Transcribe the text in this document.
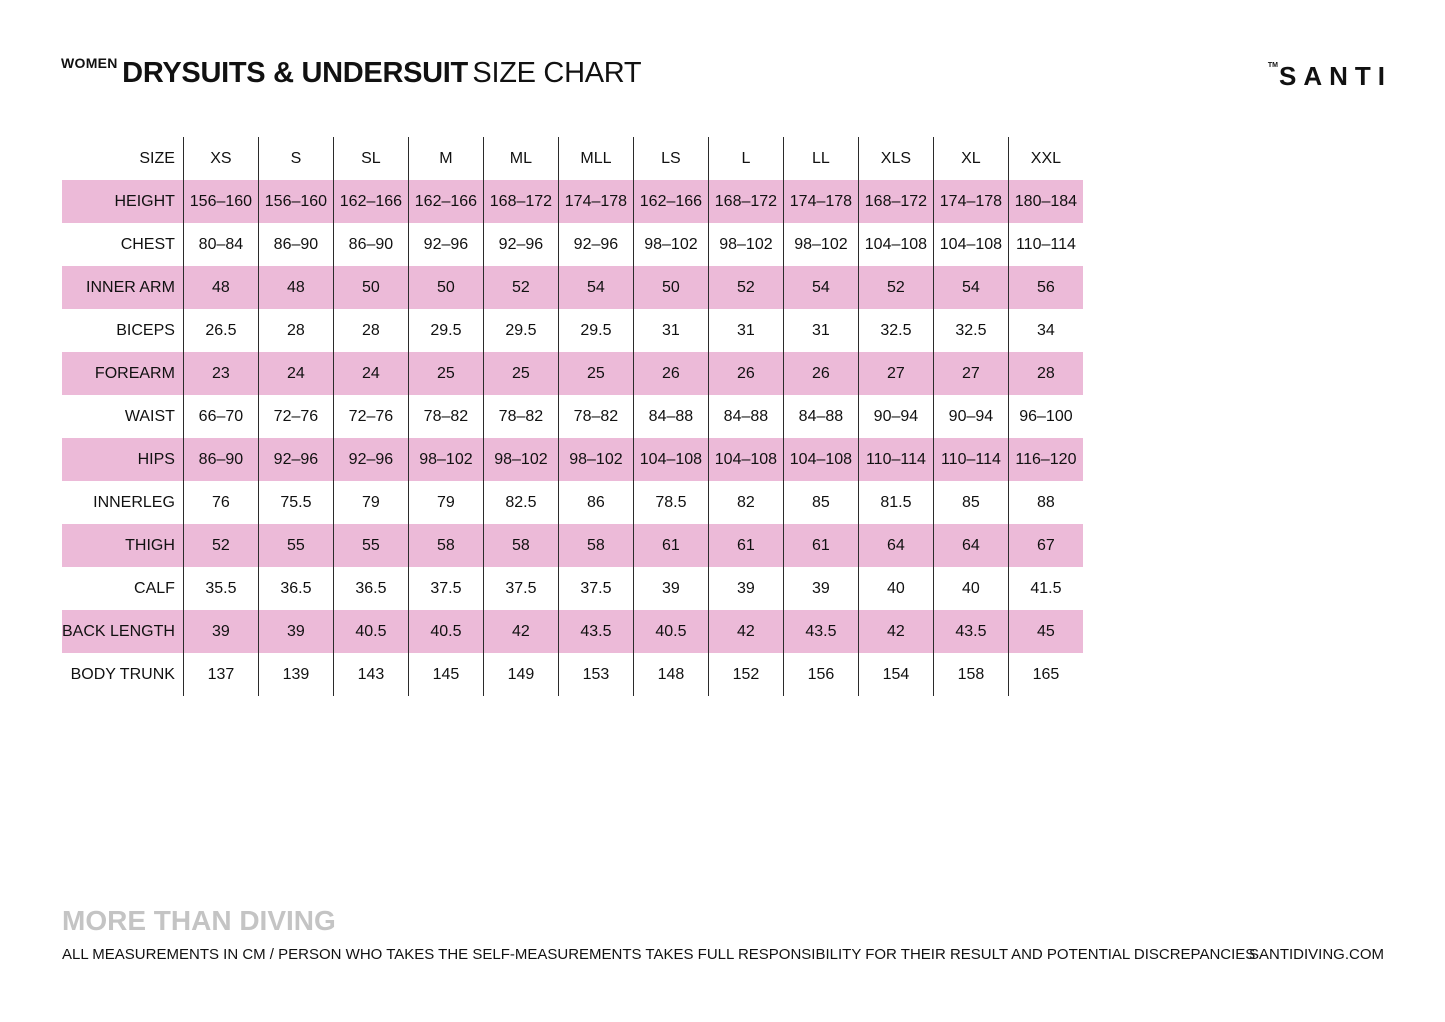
WOMEN DRYSUITS & UNDERSUIT SIZE CHART	™SANTI
SIZE	XS	S	SL	M	ML	MLL	LS	L	LL	XLS	XL	XXL
HEIGHT	156–160	156–160	162–166	162–166	168–172	174–178	162–166	168–172	174–178	168–172	174–178	180–184
CHEST	80–84	86–90	86–90	92–96	92–96	92–96	98–102	98–102	98–102	104–108	104–108	110–114
INNER ARM	48	48	50	50	52	54	50	52	54	52	54	56
BICEPS	26.5	28	28	29.5	29.5	29.5	31	31	31	32.5	32.5	34
FOREARM	23	24	24	25	25	25	26	26	26	27	27	28
WAIST	66–70	72–76	72–76	78–82	78–82	78–82	84–88	84–88	84–88	90–94	90–94	96–100
HIPS	86–90	92–96	92–96	98–102	98–102	98–102	104–108	104–108	104–108	110–114	110–114	116–120
INNERLEG	76	75.5	79	79	82.5	86	78.5	82	85	81.5	85	88
THIGH	52	55	55	58	58	58	61	61	61	64	64	67
CALF	35.5	36.5	36.5	37.5	37.5	37.5	39	39	39	40	40	41.5
BACK LENGTH	39	39	40.5	40.5	42	43.5	40.5	42	43.5	42	43.5	45
BODY TRUNK	137	139	143	145	149	153	148	152	156	154	158	165
MORE THAN DIVING
ALL MEASUREMENTS IN CM / PERSON WHO TAKES THE SELF-MEASUREMENTS TAKES FULL RESPONSIBILITY FOR THEIR RESULT AND POTENTIAL DISCREPANCIES
SANTIDIVING.COM
